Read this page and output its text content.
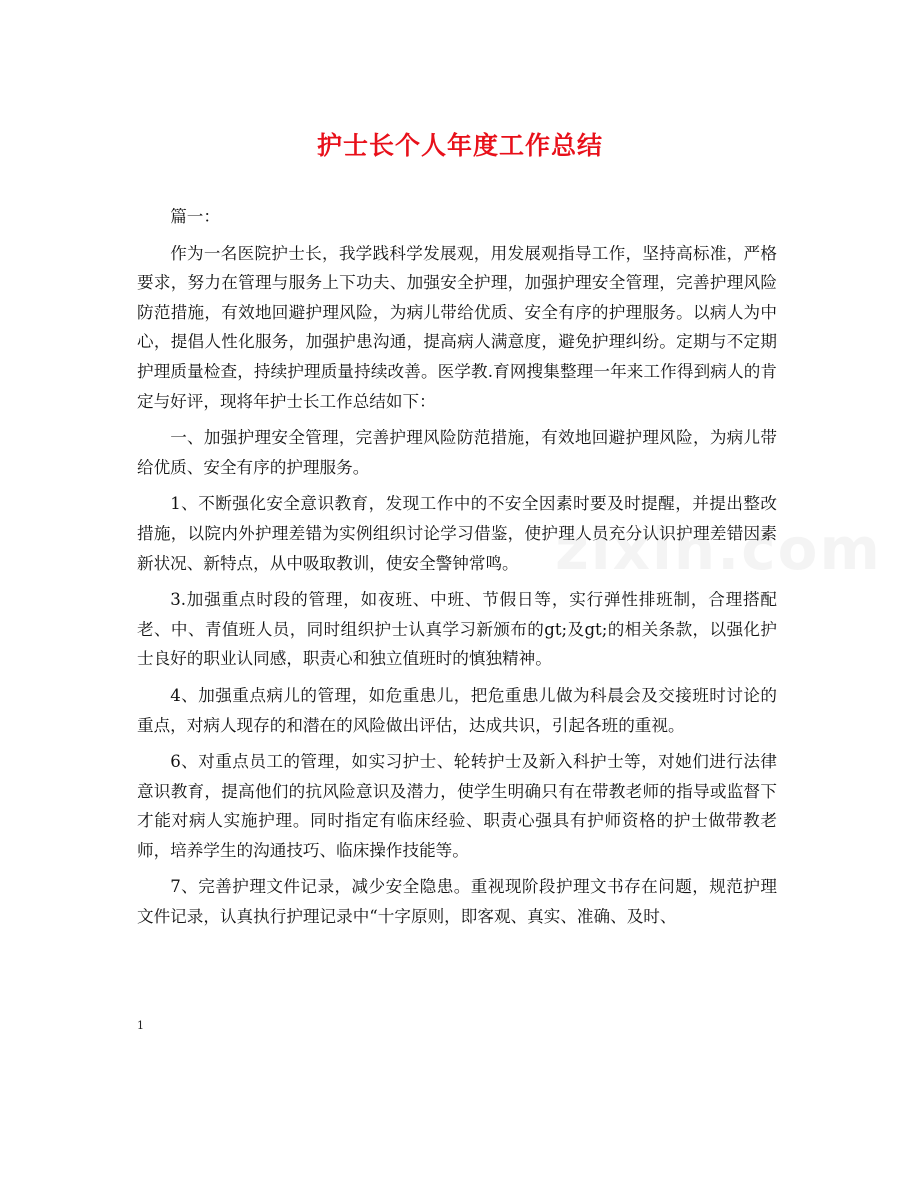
护士长个人年度工作总结

篇一：

作为一名医院护士长，我学践科学发展观，用发展观指导工作，坚持高标准，严格要求，努力在管理与服务上下功夫、加强安全护理，加强护理安全管理，完善护理风险防范措施，有效地回避护理风险，为病儿带给优质、安全有序的护理服务。以病人为中心，提倡人性化服务，加强护患沟通，提高病人满意度，避免护理纠纷。定期与不定期护理质量检查，持续护理质量持续改善。医学教.育网搜集整理一年来工作得到病人的肯定与好评，现将年护士长工作总结如下：

一、加强护理安全管理，完善护理风险防范措施，有效地回避护理风险，为病儿带给优质、安全有序的护理服务。

1、不断强化安全意识教育，发现工作中的不安全因素时要及时提醒，并提出整改措施，以院内外护理差错为实例组织讨论学习借鉴，使护理人员充分认识护理差错因素新状况、新特点，从中吸取教训，使安全警钟常鸣。

3.加强重点时段的管理，如夜班、中班、节假日等，实行弹性排班制，合理搭配老、中、青值班人员，同时组织护士认真学习新颁布的gt;及gt;的相关条款，以强化护士良好的职业认同感，职责心和独立值班时的慎独精神。

4、加强重点病儿的管理，如危重患儿，把危重患儿做为科晨会及交接班时讨论的重点，对病人现存的和潜在的风险做出评估，达成共识，引起各班的重视。

6、对重点员工的管理，如实习护士、轮转护士及新入科护士等，对她们进行法律意识教育，提高他们的抗风险意识及潜力，使学生明确只有在带教老师的指导或监督下才能对病人实施护理。同时指定有临床经验、职责心强具有护师资格的护士做带教老师，培养学生的沟通技巧、临床操作技能等。

7、完善护理文件记录，减少安全隐患。重视现阶段护理文书存在问题，规范护理文件记录，认真执行护理记录中“十字原则，即客观、真实、准确、及时、

1
